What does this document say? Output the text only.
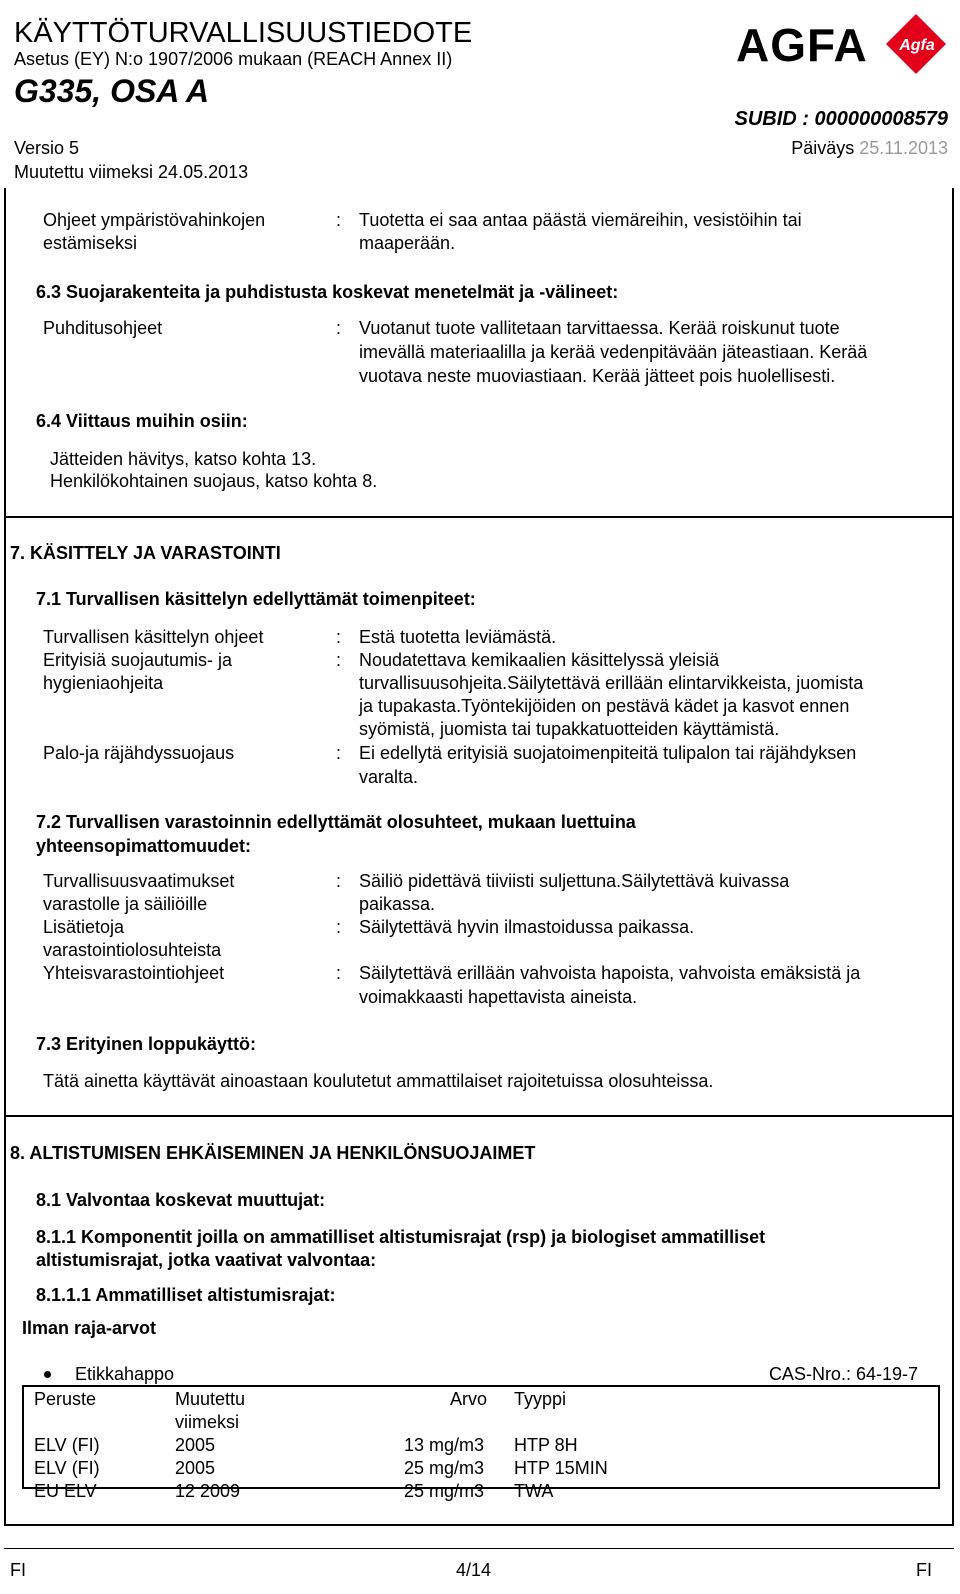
KÄYTTÖTURVALLISUUSTIEDOTE
Asetus (EY) N:o 1907/2006 mukaan (REACH Annex II)
G335, OSA A
SUBID : 000000008579
Versio 5	Päiväys 25.11.2013
Muutettu viimeksi 24.05.2013
AGFA Agfa
Ohjeet ympäristövahinkojen
estämiseksi
: Tuotetta ei saa antaa päästä viemäreihin, vesistöihin tai
maaperään.
6.3 Suojarakenteita ja puhdistusta koskevat menetelmät ja -välineet:
Puhditusohjeet	: Vuotanut tuote vallitetaan tarvittaessa. Kerää roiskunut tuote
imevällä materiaalilla ja kerää vedenpitävään jäteastiaan. Kerää
vuotava neste muoviastiaan. Kerää jätteet pois huolellisesti.
6.4 Viittaus muihin osiin:
Jätteiden hävitys, katso kohta 13.
Henkilökohtainen suojaus, katso kohta 8.
7. KÄSITTELY JA VARASTOINTI
7.1 Turvallisen käsittelyn edellyttämät toimenpiteet:
Turvallisen käsittelyn ohjeet	: Estä tuotetta leviämästä.
Erityisiä suojautumis- ja
hygieniaohjeita
: Noudatettava kemikaalien käsittelyssä yleisiä
turvallisuusohjeita.Säilytettävä erillään elintarvikkeista, juomista
ja tupakasta.Työntekijöiden on pestävä kädet ja kasvot ennen
syömistä, juomista tai tupakkatuotteiden käyttämistä.
Palo-ja räjähdyssuojaus	: Ei edellytä erityisiä suojatoimenpiteitä tulipalon tai räjähdyksen
varalta.
7.2 Turvallisen varastoinnin edellyttämät olosuhteet, mukaan luettuina
yhteensopimattomuudet:
Turvallisuusvaatimukset
varastolle ja säiliöille
: Säiliö pidettävä tiiviisti suljettuna.Säilytettävä kuivassa
paikassa.
Lisätietoja
varastointiolosuhteista
: Säilytettävä hyvin ilmastoidussa paikassa.
Yhteisvarastointiohjeet	: Säilytettävä erillään vahvoista hapoista, vahvoista emäksistä ja
voimakkaasti hapettavista aineista.
7.3 Erityinen loppukäyttö:
Tätä ainetta käyttävät ainoastaan koulutetut ammattilaiset rajoitetuissa olosuhteissa.
8. ALTISTUMISEN EHKÄISEMINEN JA HENKILÖNSUOJAIMET
8.1 Valvontaa koskevat muuttujat:
8.1.1 Komponentit joilla on ammatilliset altistumisrajat (rsp) ja biologiset ammatilliset
altistumisrajat, jotka vaativat valvontaa:
8.1.1.1 Ammatilliset altistumisrajat:
Ilman raja-arvot
Etikkahappo	CAS-Nro.: 64-19-7
Peruste	Muutettu
viimeksi
Arvo Tyyppi
ELV (FI)	2005	13 mg/m3 HTP 8H
ELV (FI)	2005	25 mg/m3 HTP 15MIN
EU ELV	12 2009	25 mg/m3 TWA
FI	4/14	FI
